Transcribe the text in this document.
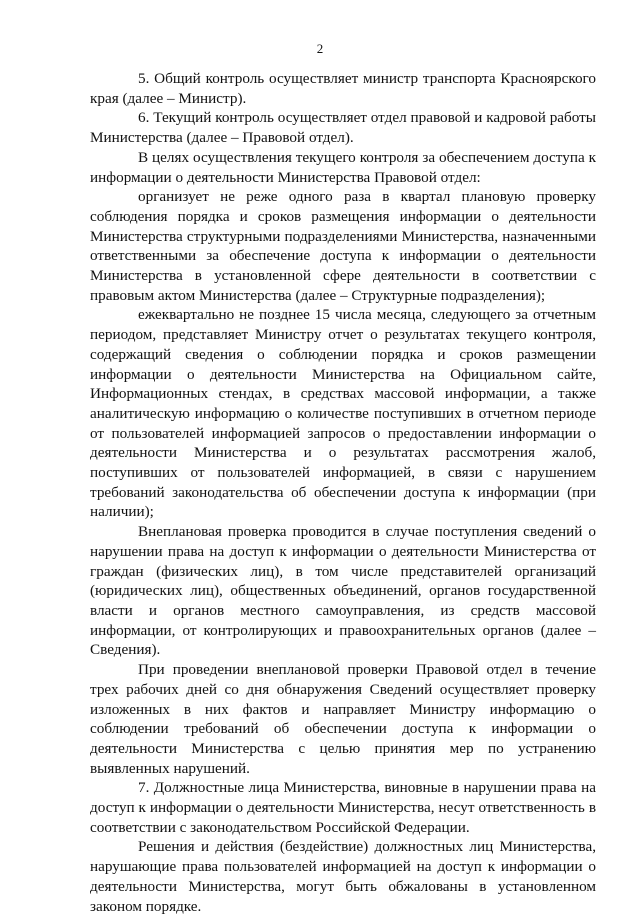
2

5. Общий контроль осуществляет министр транспорта Красноярского края (далее – Министр).

6. Текущий контроль осуществляет отдел правовой и кадровой работы Министерства (далее – Правовой отдел).

В целях осуществления текущего контроля за обеспечением доступа к информации о деятельности Министерства Правовой отдел:

организует не реже одного раза в квартал плановую проверку соблюдения порядка и сроков размещения информации о деятельности Министерства структурными подразделениями Министерства, назначенными ответственными за обеспечение доступа к информации о деятельности Министерства в установленной сфере деятельности в соответствии с правовым актом Министерства (далее – Структурные подразделения);

ежеквартально не позднее 15 числа месяца, следующего за отчетным периодом, представляет Министру отчет о результатах текущего контроля, содержащий сведения о соблюдении порядка и сроков размещении информации о деятельности Министерства на Официальном сайте, Информационных стендах, в средствах массовой информации, а также аналитическую информацию о количестве поступивших в отчетном периоде от пользователей информацией запросов о предоставлении информации о деятельности Министерства и о результатах рассмотрения жалоб, поступивших от пользователей информацией, в связи с нарушением требований законодательства об обеспечении доступа к информации (при наличии);

Внеплановая проверка проводится в случае поступления сведений о нарушении права на доступ к информации о деятельности Министерства от граждан (физических лиц), в том числе представителей организаций (юридических лиц), общественных объединений, органов государственной власти и органов местного самоуправления, из средств массовой информации, от контролирующих и правоохранительных органов (далее – Сведения).

При проведении внеплановой проверки Правовой отдел в течение трех рабочих дней со дня обнаружения Сведений осуществляет проверку изложенных в них фактов и направляет Министру информацию о соблюдении требований об обеспечении доступа к информации о деятельности Министерства с целью принятия мер по устранению выявленных нарушений.

7. Должностные лица Министерства, виновные в нарушении права на доступ к информации о деятельности Министерства, несут ответственность в соответствии с законодательством Российской Федерации.

Решения и действия (бездействие) должностных лиц Министерства, нарушающие права пользователей информацией на доступ к информации о деятельности Министерства, могут быть обжалованы в установленном законом порядке.
